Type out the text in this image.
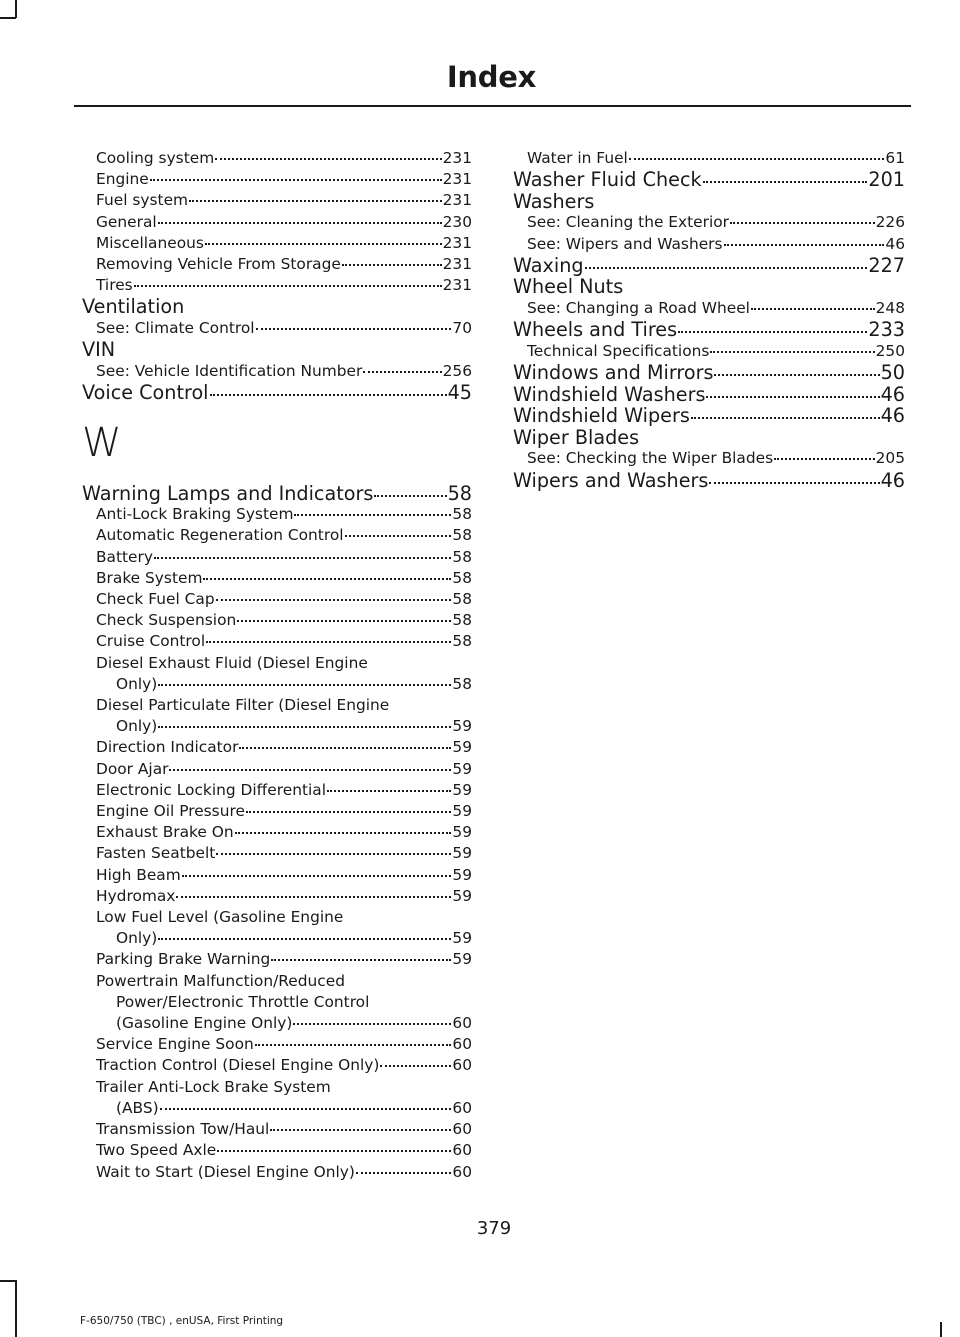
Index
Cooling system	231
Engine	231
Fuel system	231
General	230
Miscellaneous	231
Removing Vehicle From Storage	231
Tires	231
Ventilation
See: Climate Control	70
VIN
See: Vehicle Identification Number	256
Voice Control	45
W
Warning Lamps and Indicators	58
Anti-Lock Braking System	58
Automatic Regeneration Control	58
Battery	58
Brake System	58
Check Fuel Cap	58
Check Suspension	58
Cruise Control	58
Diesel Exhaust Fluid (Diesel Engine
Only)	58
Diesel Particulate Filter (Diesel Engine
Only)	59
Direction Indicator	59
Door Ajar	59
Electronic Locking Differential	59
Engine Oil Pressure	59
Exhaust Brake On	59
Fasten Seatbelt	59
High Beam	59
Hydromax	59
Low Fuel Level (Gasoline Engine
Only)	59
Parking Brake Warning	59
Powertrain Malfunction/Reduced
Power/Electronic Throttle Control
(Gasoline Engine Only)	60
Service Engine Soon	60
Traction Control (Diesel Engine Only)	60
Trailer Anti-Lock Brake System
(ABS)	60
Transmission Tow/Haul	60
Two Speed Axle	60
Wait to Start (Diesel Engine Only)	60
Water in Fuel	61
Washer Fluid Check	201
Washers
See: Cleaning the Exterior	226
See: Wipers and Washers	46
Waxing	227
Wheel Nuts
See: Changing a Road Wheel	248
Wheels and Tires	233
Technical Specifications	250
Windows and Mirrors	50
Windshield Washers	46
Windshield Wipers	46
Wiper Blades
See: Checking the Wiper Blades	205
Wipers and Washers	46
379
F-650/750 (TBC) , enUSA, First Printing
